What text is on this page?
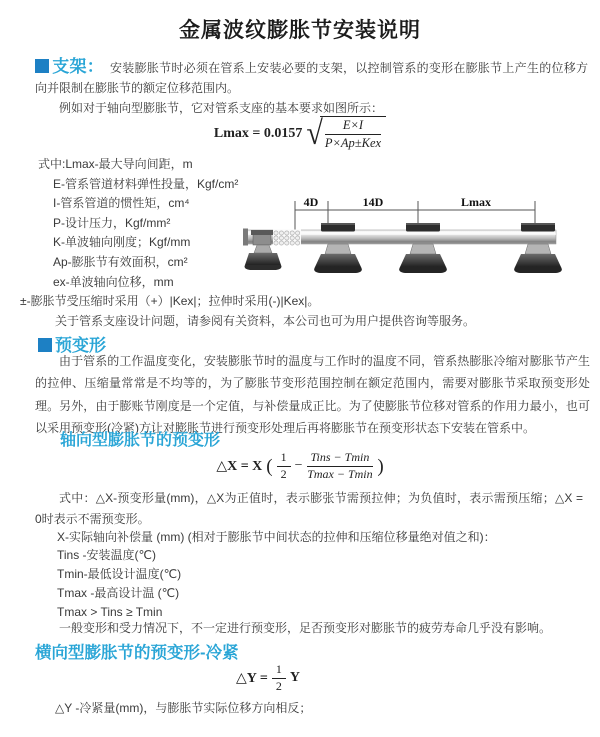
金属波纹膨胀节安装说明
支架： 安装膨胀节时必须在管系上安装必要的支架，以控制管系的变形在膨胀节上产生的位移方向并限制在膨胀节的额定位移范围内。
例如对于轴向型膨胀节，它对管系支座的基本要求如图所示：
Lmax = 0.0157 √
$\frac{E\times I}{\text{P×Ap±Kex}}$
式中:Lmax-最大导向间距，m
E-管系管道材料弹性投量，Kgf/cm²
I-管系管道的惯性矩，cm⁴
P-设计压力，Kgf/mm²
K-单波轴向刚度；Kgf/mm
Ap-膨胀节有效面积，cm²
ex-单波轴向位移，mm
±-膨胀节受压缩时采用（+）|Kex|；拉伸时采用(-)|Kex|。
关于管系支座设计问题，请参阅有关资料，本公司也可为用户提供咨询等服务。
4D	14D	Lmax
预变形
由于管系的工作温度变化，安装膨胀节时的温度与工作时的温度不同，管系热膨胀冷缩对膨胀节产生的拉伸、压缩量常常是不均等的，为了膨胀节变形范围控制在额定范围内，需要对膨胀节采取预变形处理。另外，由于膨账节刚度是一个定值，与补偿量成正比。为了使膨胀节位移对管系的作用力最小，也可以采用预变形(冷紧)方让对膨胀节进行预变形处理后再将膨胀节在预变形状态下安装在管系中。
轴向型膨胀节的预变形
△X = X ( $\frac{1}{2} - \frac{\text{Tins − Tmin}}{Tmax - Tmin}$ )
式中：△X-预变形量(mm)，△X为正值时，表示膨张节需预拉伸；为负值时，表示需预压缩；△X = 0时表示不需预变形。
X-实际轴向补偿量 (mm) (相对于膨胀节中间状态的拉伸和压缩位移量绝对值之和)：
Tins -安装温度(℃)
Tmin-最低设计温度(℃)
Tmax -最高设计温 (℃)
Tmax > Tins ≥ Tmin
一般变形和受力情况下，不一定进行预变形，足否预变形对膨胀节的疲劳寿命几乎没有影响。
横向型膨胀节的预变形-冷紧
△Y = $\frac{1}{2}$ Y
△Y -冷紧量(mm)，与膨胀节实际位移方向相反；
